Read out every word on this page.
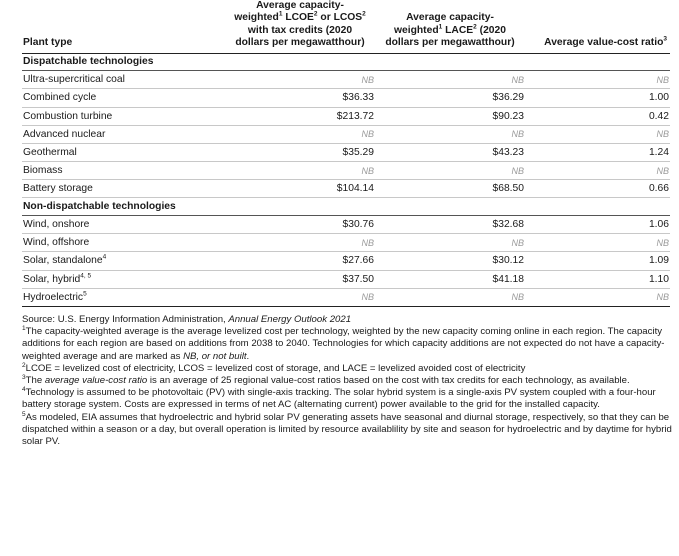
Plant type	Average capacity-
weighted$^1$ LCOE$^2$ or LCOS$^2$
with tax credits (2020
dollars per megawatthour)	Average capacity-
weighted$^1$ LACE$^2$ (2020
dollars per megawatthour)	Average value-cost ratio$^3$
Dispatchable technologies			
Ultra-supercritical coal	NB	NB	NB
Combined cycle	$36.33	$36.29	1.00
Combustion turbine	$213.72	$90.23	0.42
Advanced nuclear	NB	NB	NB
Geothermal	$35.29	$43.23	1.24
Biomass	NB	NB	NB
Battery storage	$104.14	$68.50	0.66
Non-dispatchable technologies			
Wind, onshore	$30.76	$32.68	1.06
Wind, offshore	NB	NB	NB
Solar, standalone$^4$	$27.66	$30.12	1.09
Solar, hybrid$^{4, 5}$	$37.50	$41.18	1.10
Hydroelectric$^5$	NB	NB	NB

Source: U.S. Energy Information Administration, Annual Energy Outlook 2021

$^1$The capacity-weighted average is the average levelized cost per technology, weighted by the new capacity coming online in each region. The capacity additions for each region are based on additions from 2038 to 2040. Technologies for which capacity additions are not expected do not have a capacity-weighted average and are marked as NB, or not built.

$^2$LCOE = levelized cost of electricity, LCOS = levelized cost of storage, and LACE = levelized avoided cost of electricity

$^3$The average value-cost ratio is an average of 25 regional value-cost ratios based on the cost with tax credits for each technology, as available.

$^4$Technology is assumed to be photovoltaic (PV) with single-axis tracking. The solar hybrid system is a single-axis PV system coupled with a four-hour battery storage system. Costs are expressed in terms of net AC (alternating current) power available to the grid for the installed capacity.

$^5$As modeled, EIA assumes that hydroelectric and hybrid solar PV generating assets have seasonal and diurnal storage, respectively, so that they can be dispatched within a season or a day, but overall operation is limited by resource availablility by site and season for hydroelectric and by daytime for hybrid solar PV.
